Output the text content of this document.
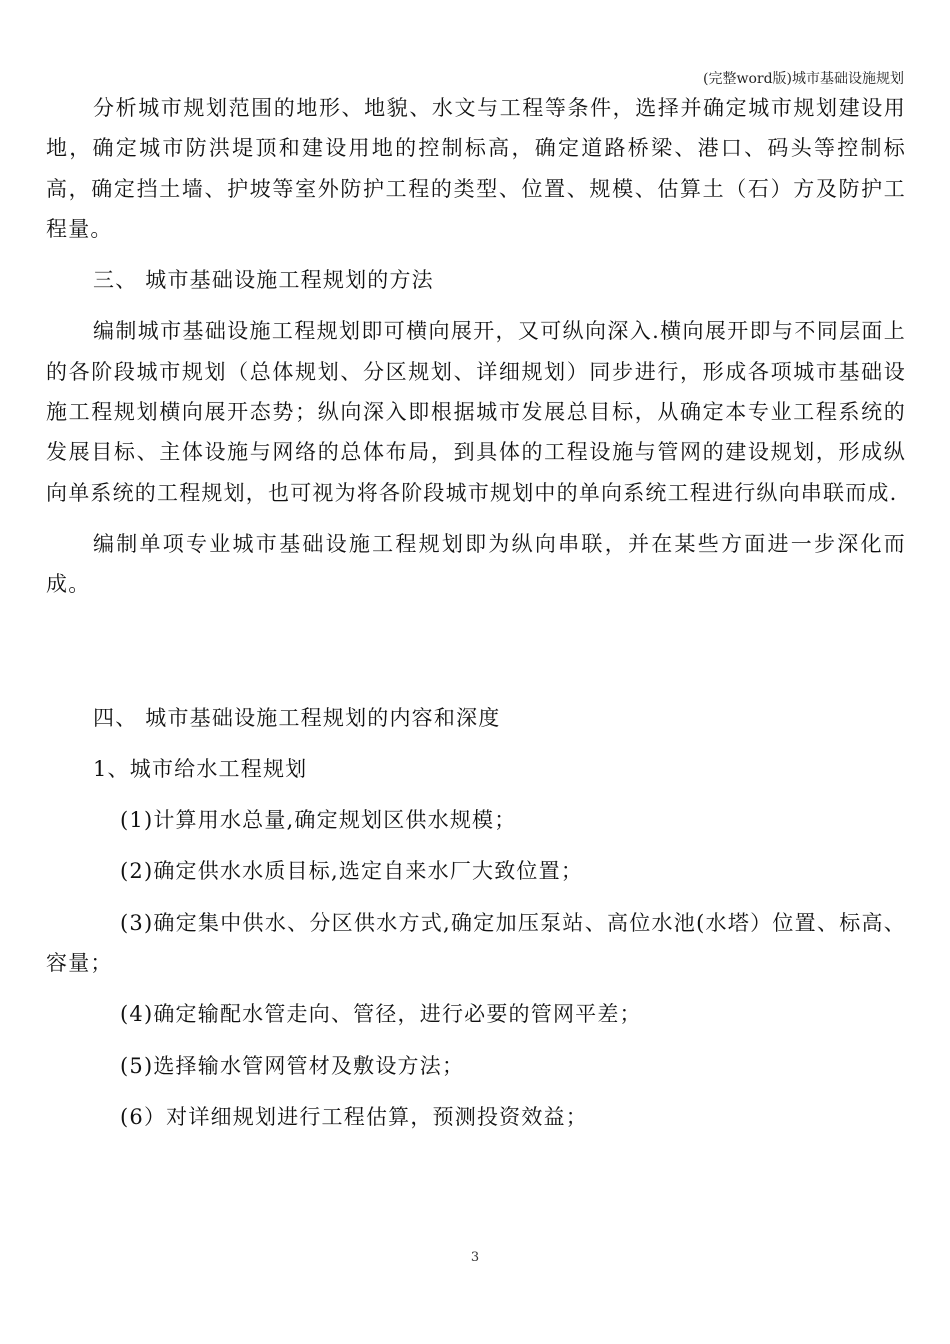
(完整word版)城市基础设施规划

分析城市规划范围的地形、地貌、水文与工程等条件，选择并确定城市规划建设用地，确定城市防洪堤顶和建设用地的控制标高，确定道路桥梁、港口、码头等控制标高，确定挡土墙、护坡等室外防护工程的类型、位置、规模、估算土（石）方及防护工程量。

三、 城市基础设施工程规划的方法

编制城市基础设施工程规划即可横向展开，又可纵向深入.横向展开即与不同层面上的各阶段城市规划（总体规划、分区规划、详细规划）同步进行，形成各项城市基础设施工程规划横向展开态势；纵向深入即根据城市发展总目标，从确定本专业工程系统的发展目标、主体设施与网络的总体布局，到具体的工程设施与管网的建设规划，形成纵向单系统的工程规划，也可视为将各阶段城市规划中的单向系统工程进行纵向串联而成.

编制单项专业城市基础设施工程规划即为纵向串联，并在某些方面进一步深化而成。

四、 城市基础设施工程规划的内容和深度

1、城市给水工程规划

(1)计算用水总量,确定规划区供水规模；

(2)确定供水水质目标,选定自来水厂大致位置；

(3)确定集中供水、分区供水方式,确定加压泵站、高位水池(水塔）位置、标高、容量；

(4)确定输配水管走向、管径，进行必要的管网平差；

(5)选择输水管网管材及敷设方法；

(6）对详细规划进行工程估算，预测投资效益；

3
